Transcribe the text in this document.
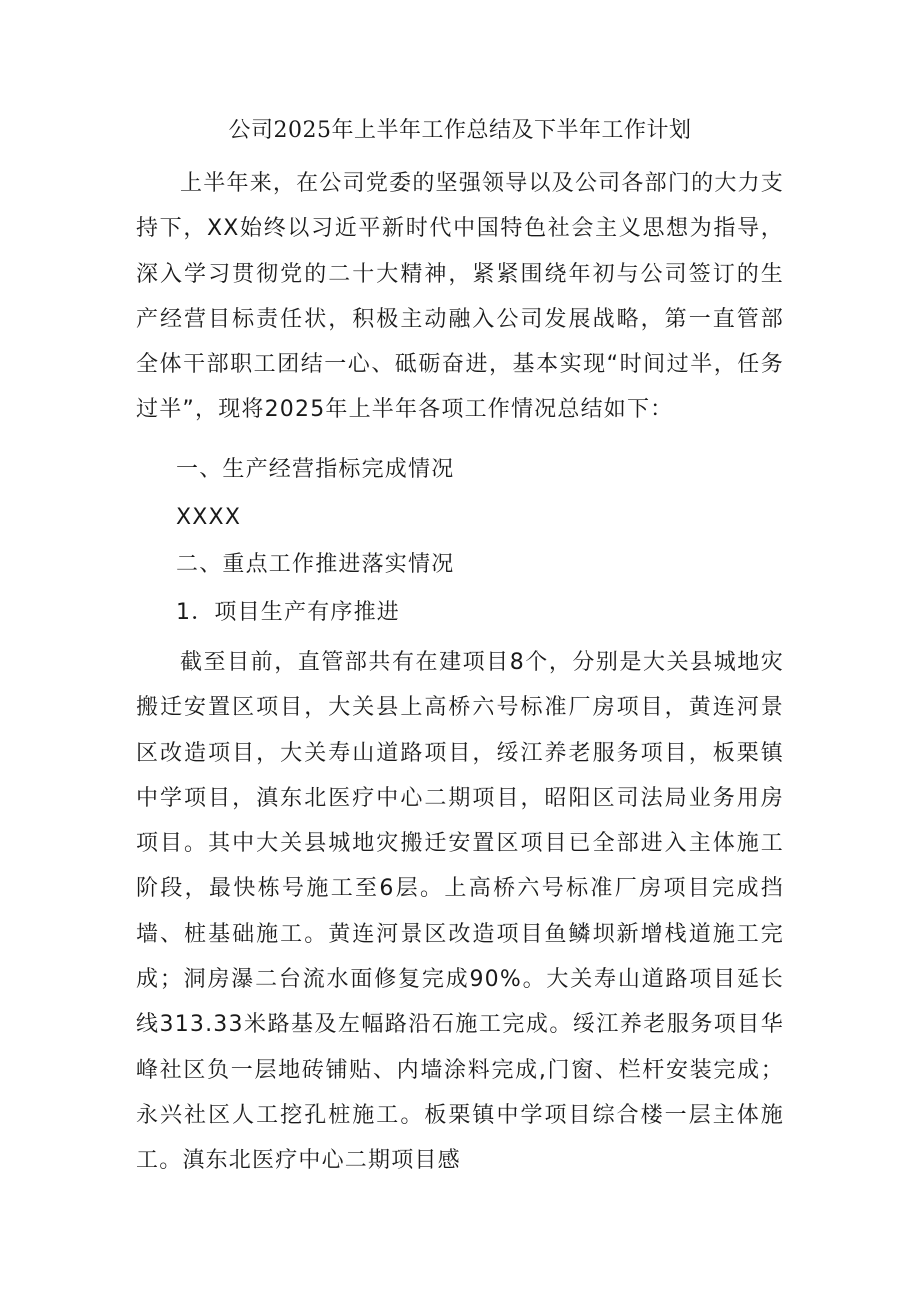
公司2025年上半年工作总结及下半年工作计划

上半年来，在公司党委的坚强领导以及公司各部门的大力支持下，XX始终以习近平新时代中国特色社会主义思想为指导，深入学习贯彻党的二十大精神，紧紧围绕年初与公司签订的生产经营目标责任状，积极主动融入公司发展战略，第一直管部全体干部职工团结一心、砥砺奋进，基本实现“时间过半，任务过半”，现将2025年上半年各项工作情况总结如下：

一、生产经营指标完成情况

XXXX

二、重点工作推进落实情况
1．项目生产有序推进

截至目前，直管部共有在建项目8个，分别是大关县城地灾搬迁安置区项目，大关县上高桥六号标准厂房项目，黄连河景区改造项目，大关寿山道路项目，绥江养老服务项目，板栗镇中学项目，滇东北医疗中心二期项目，昭阳区司法局业务用房项目。其中大关县城地灾搬迁安置区项目已全部进入主体施工阶段，最快栋号施工至6层。上高桥六号标准厂房项目完成挡墙、桩基础施工。黄连河景区改造项目鱼鳞坝新增栈道施工完成；洞房瀑二台流水面修复完成90%。大关寿山道路项目延长线313.33米路基及左幅路沿石施工完成。绥江养老服务项目华峰社区负一层地砖铺贴、内墙涂料完成,门窗、栏杆安装完成；永兴社区人工挖孔桩施工。板栗镇中学项目综合楼一层主体施工。滇东北医疗中心二期项目感
